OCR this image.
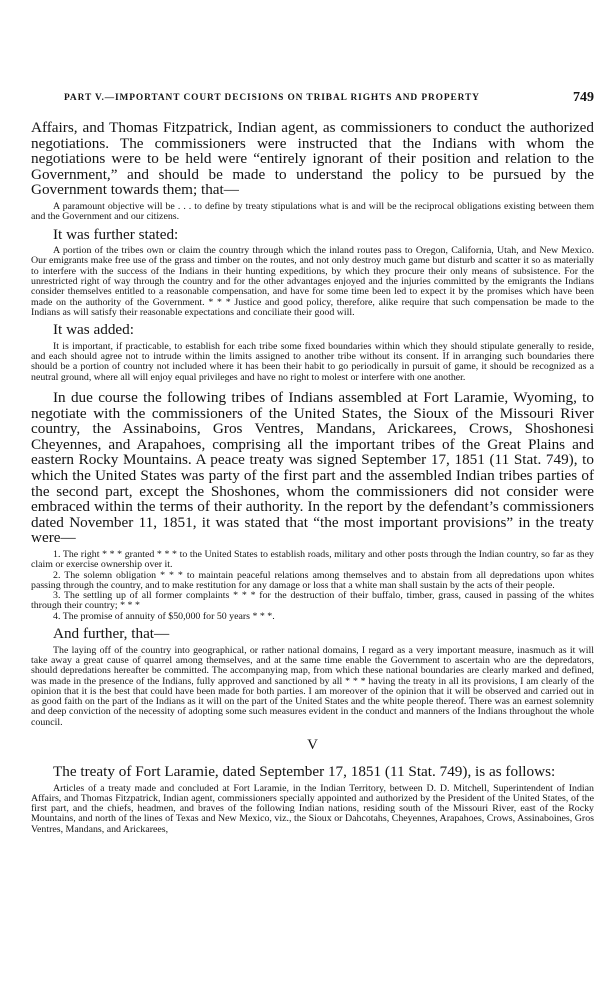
PART V.—IMPORTANT COURT DECISIONS ON TRIBAL RIGHTS AND PROPERTY	749

Affairs, and Thomas Fitzpatrick, Indian agent, as commissioners to conduct the authorized negotiations. The commissioners were instructed that the Indians with whom the negotiations were to be held were “entirely ignorant of their position and relation to the Government,” and should be made to understand the policy to be pursued by the Government towards them; that—

A paramount objective will be . . . to define by treaty stipulations what is and will be the reciprocal obligations existing between them and the Government and our citizens.

It was further stated:

A portion of the tribes own or claim the country through which the inland routes pass to Oregon, California, Utah, and New Mexico. Our emigrants make free use of the grass and timber on the routes, and not only destroy much game but disturb and scatter it so as materially to interfere with the success of the Indians in their hunting expeditions, by which they procure their only means of subsistence. For the unrestricted right of way through the country and for the other advantages enjoyed and the injuries committed by the emigrants the Indians consider themselves entitled to a reasonable compensation, and have for some time been led to expect it by the promises which have been made on the authority of the Government. * * * Justice and good policy, therefore, alike require that such compensation be made to the Indians as will satisfy their reasonable expectations and conciliate their good will.

It was added:

It is important, if practicable, to establish for each tribe some fixed boundaries within which they should stipulate generally to reside, and each should agree not to intrude within the limits assigned to another tribe without its consent. If in arranging such boundaries there should be a portion of country not included where it has been their habit to go periodically in pursuit of game, it should be recognized as a neutral ground, where all will enjoy equal privileges and have no right to molest or interfere with one another.

In due course the following tribes of Indians assembled at Fort Laramie, Wyoming, to negotiate with the commissioners of the United States, the Sioux of the Missouri River country, the Assinaboins, Gros Ventres, Mandans, Arickarees, Crows, Shoshonesi Cheyennes, and Arapahoes, comprising all the important tribes of the Great Plains and eastern Rocky Mountains. A peace treaty was signed September 17, 1851 (11 Stat. 749), to which the United States was party of the first part and the assembled Indian tribes parties of the second part, except the Shoshones, whom the commissioners did not consider were embraced within the terms of their authority. In the report by the defendant’s commissioners dated November 11, 1851, it was stated that “the most important provisions” in the treaty were—

1. The right * * * granted * * * to the United States to establish roads, military and other posts through the Indian country, so far as they claim or exercise ownership over it.

2. The solemn obligation * * * to maintain peaceful relations among themselves and to abstain from all depredations upon whites passing through the country, and to make restitution for any damage or loss that a white man shall sustain by the acts of their people.

3. The settling up of all former complaints * * * for the destruction of their buffalo, timber, grass, caused in passing of the whites through their country; * * *

4. The promise of annuity of $50,000 for 50 years * * *.

And further, that—

The laying off of the country into geographical, or rather national domains, I regard as a very important measure, inasmuch as it will take away a great cause of quarrel among themselves, and at the same time enable the Government to ascertain who are the depredators, should depredations hereafter be committed. The accompanying map, from which these national boundaries are clearly marked and defined, was made in the presence of the Indians, fully approved and sanctioned by all * * * having the treaty in all its provisions, I am clearly of the opinion that it is the best that could have been made for both parties. I am moreover of the opinion that it will be observed and carried out in as good faith on the part of the Indians as it will on the part of the United States and the white people thereof. There was an earnest solemnity and deep conviction of the necessity of adopting some such measures evident in the conduct and manners of the Indians throughout the whole council.

V

The treaty of Fort Laramie, dated September 17, 1851 (11 Stat. 749), is as follows:

Articles of a treaty made and concluded at Fort Laramie, in the Indian Territory, between D. D. Mitchell, Superintendent of Indian Affairs, and Thomas Fitzpatrick, Indian agent, commissioners specially appointed and authorized by the President of the United States, of the first part, and the chiefs, headmen, and braves of the following Indian nations, residing south of the Missouri River, east of the Rocky Mountains, and north of the lines of Texas and New Mexico, viz., the Sioux or Dahcotahs, Cheyennes, Arapahoes, Crows, Assinaboines, Gros Ventres, Mandans, and Arickarees,
